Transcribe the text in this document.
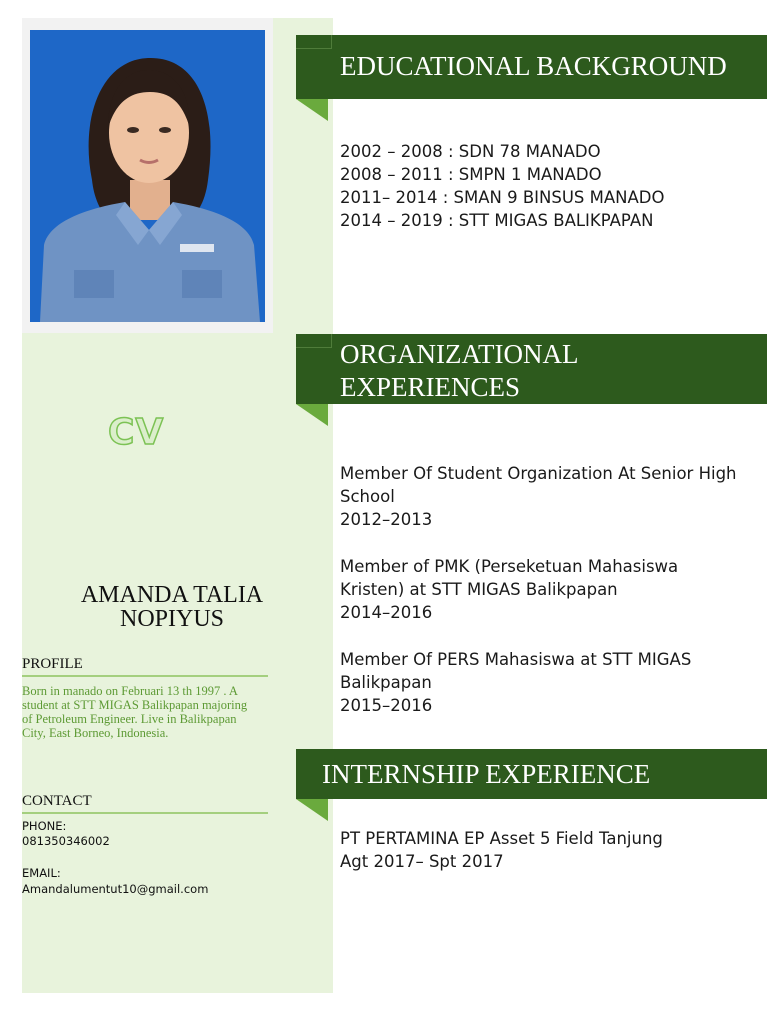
CV
AMANDA TALIA
NOPIYUS
PROFILE
Born in manado on Februari 13 th 1997 . A student at STT MIGAS Balikpapan majoring of Petroleum Engineer. Live in Balikpapan City, East Borneo, Indonesia.
CONTACT
PHONE:
081350346002
EMAIL:
Amandalumentut10@gmail.com
EDUCATIONAL BACKGROUND
2002 – 2008 : SDN 78 MANADO
2008 – 2011 : SMPN 1 MANADO
2011– 2014 : SMAN 9 BINSUS MANADO
2014 – 2019 : STT MIGAS BALIKPAPAN
ORGANIZATIONAL
EXPERIENCES
Member Of Student Organization At Senior High School
2012–2013
Member of PMK (Perseketuan Mahasiswa Kristen) at STT MIGAS Balikpapan
2014–2016
Member Of PERS Mahasiswa at STT MIGAS Balikpapan
2015–2016
INTERNSHIP EXPERIENCE
PT PERTAMINA EP Asset 5 Field Tanjung
Agt 2017– Spt 2017
